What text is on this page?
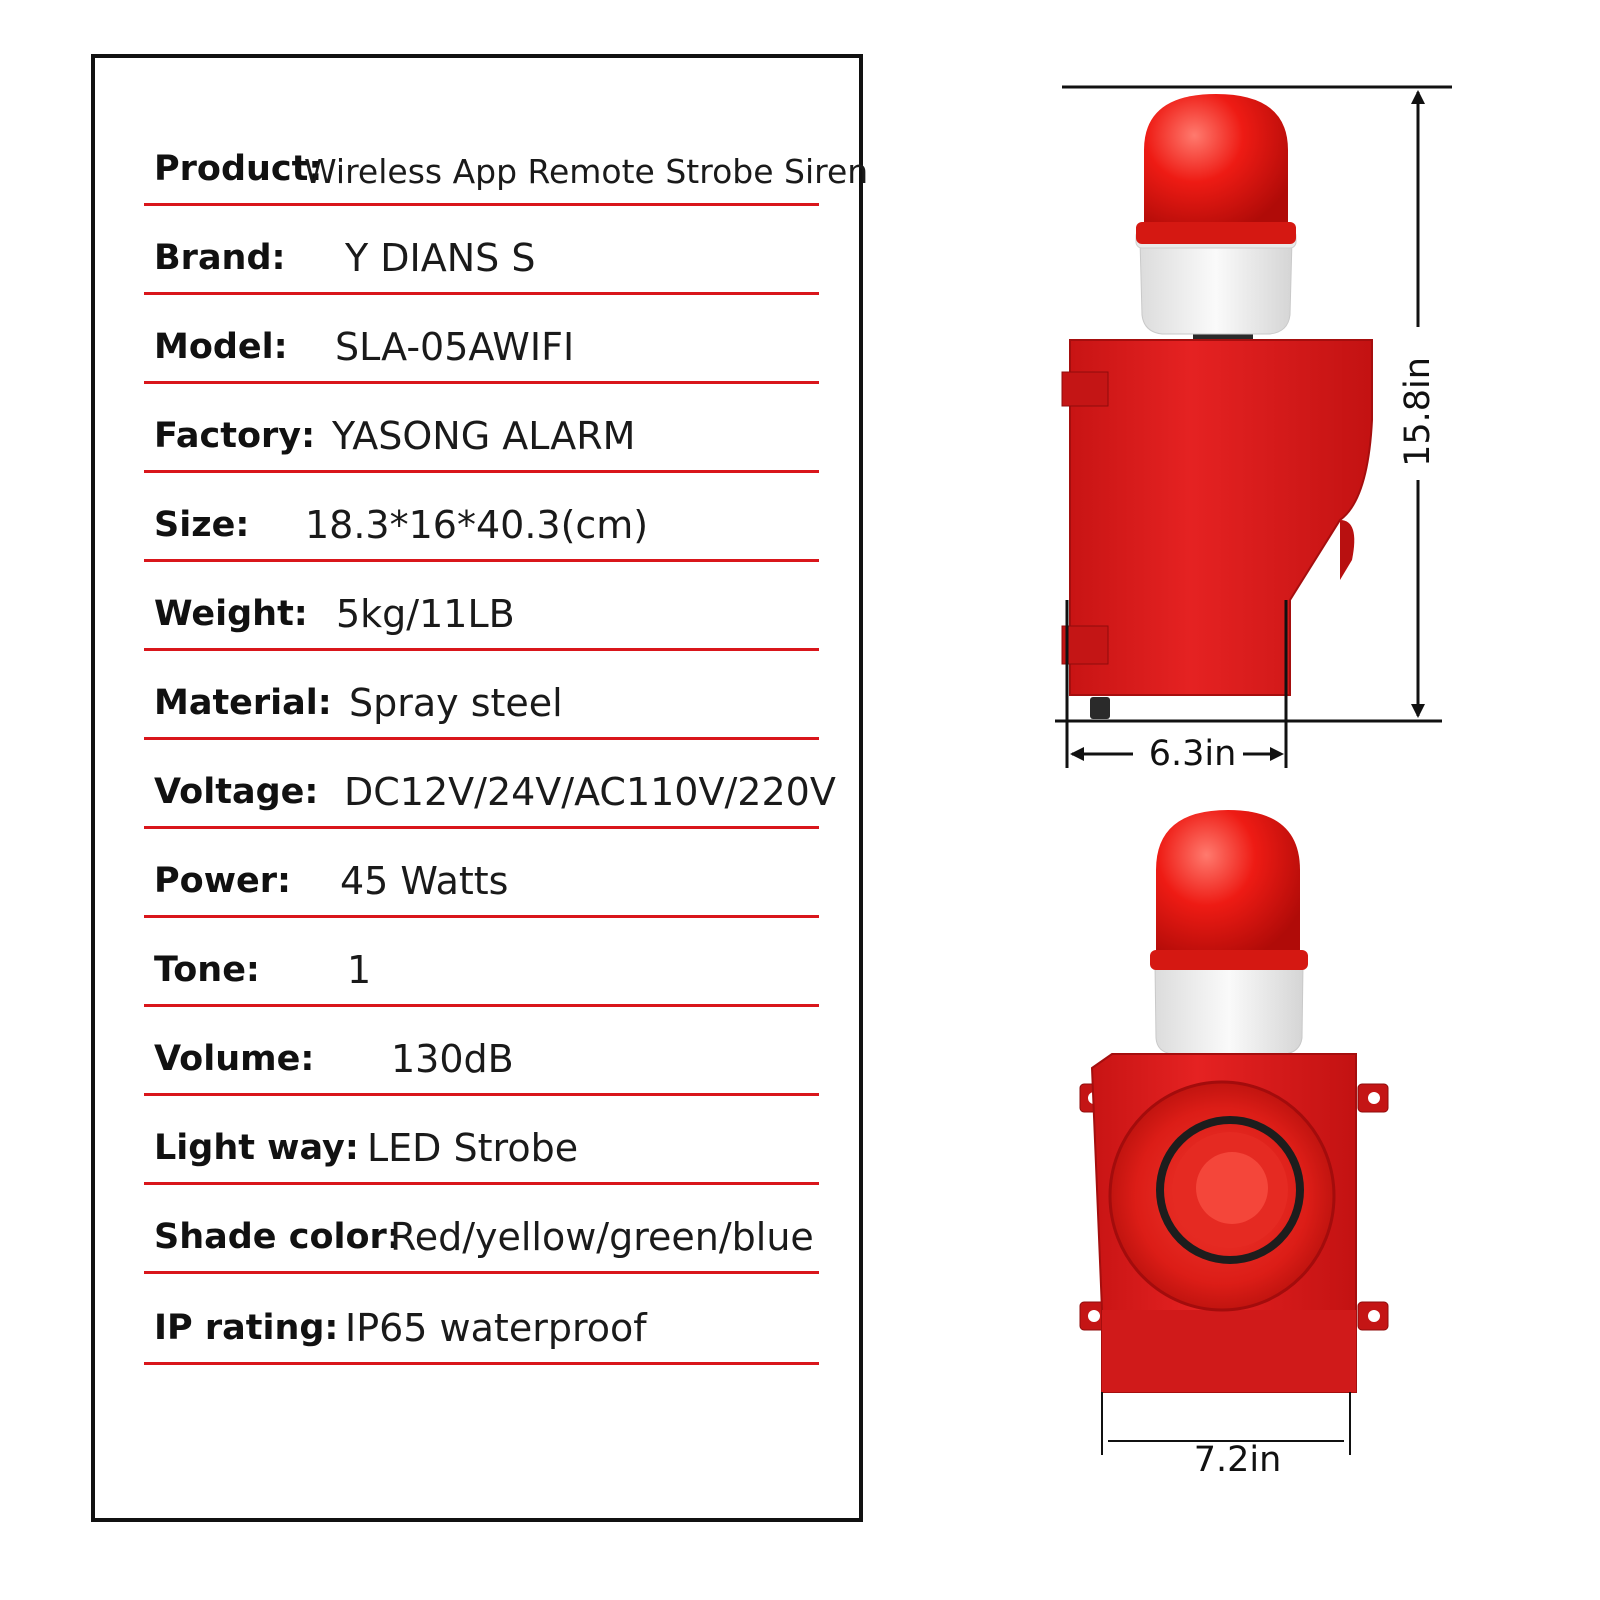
Product:
Wireless App Remote Strobe Siren
Brand: Y DIANS S
Model: SLA-05AWIFI
Factory: YASONG ALARM
Size: 18.3*16*40.3(cm)
Weight: 5kg/11LB
Material: Spray steel
Voltage: DC12V/24V/AC110V/220V
Power: 45 Watts
Tone: 1
Volume: 130dB
Light way: LED Strobe
Shade color:
Red/yellow/green/blue
IP rating: IP65 waterproof
15.8in
6.3in
7.2in
